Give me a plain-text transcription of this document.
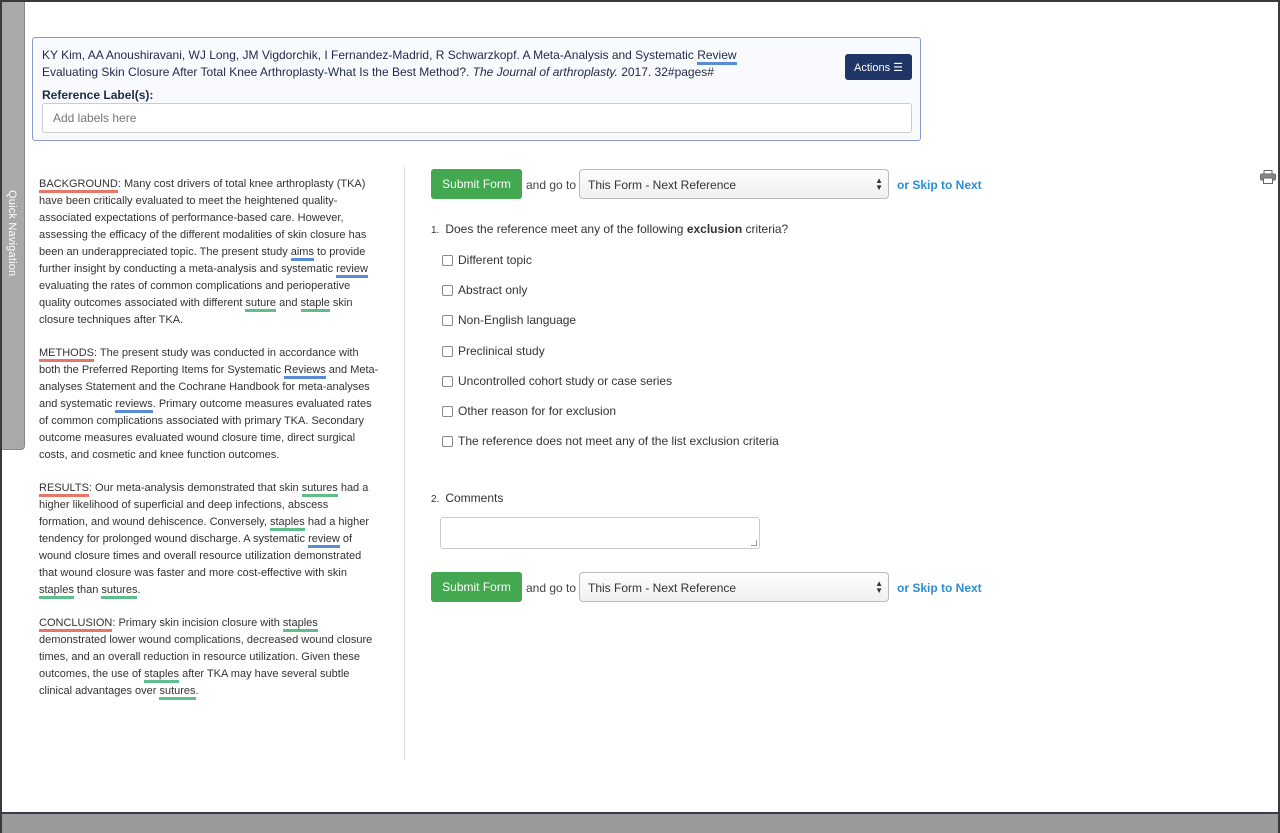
Quick Navigation
KY Kim, AA Anoushiravani, WJ Long, JM Vigdorchik, I Fernandez-Madrid, R Schwarzkopf. A Meta-Analysis and Systematic Review Evaluating Skin Closure After Total Knee Arthroplasty-What Is the Best Method?. The Journal of arthroplasty. 2017. 32#pages#
Reference Label(s):
Add labels here
Actions ☰

BACKGROUND: Many cost drivers of total knee arthroplasty (TKA) have been critically evaluated to meet the heightened quality-associated expectations of performance-based care. However, assessing the efficacy of the different modalities of skin closure has been an underappreciated topic. The present study aims to provide further insight by conducting a meta-analysis and systematic review evaluating the rates of common complications and perioperative quality outcomes associated with different suture and staple skin closure techniques after TKA.

METHODS: The present study was conducted in accordance with both the Preferred Reporting Items for Systematic Reviews and Meta-analyses Statement and the Cochrane Handbook for meta-analyses and systematic reviews. Primary outcome measures evaluated rates of common complications associated with primary TKA. Secondary outcome measures evaluated wound closure time, direct surgical costs, and cosmetic and knee function outcomes.

RESULTS: Our meta-analysis demonstrated that skin sutures had a higher likelihood of superficial and deep infections, abscess formation, and wound dehiscence. Conversely, staples had a higher tendency for prolonged wound discharge. A systematic review of wound closure times and overall resource utilization demonstrated that wound closure was faster and more cost-effective with skin staples than sutures.

CONCLUSION: Primary skin incision closure with staples demonstrated lower wound complications, decreased wound closure times, and an overall reduction in resource utilization. Given these outcomes, the use of staples after TKA may have several subtle clinical advantages over sutures.

Submit Form	and go to This Form - Next Reference	▲
▼ or Skip to Next
1. Does the reference meet any of the following exclusion criteria?
Different topic
Abstract only
Non-English language
Preclinical study
Uncontrolled cohort study or case series
Other reason for for exclusion
The reference does not meet any of the list exclusion criteria
2. Comments
Submit Form	and go to This Form - Next Reference	▲
▼ or Skip to Next
